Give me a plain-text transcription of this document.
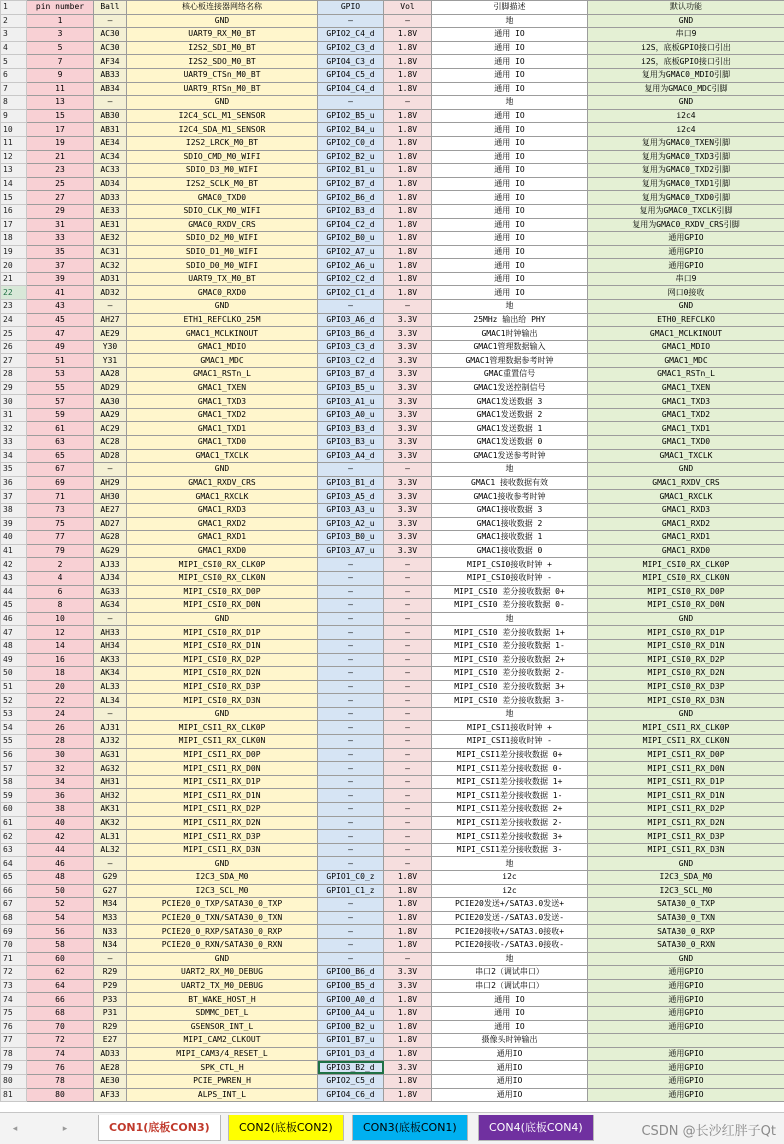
1	pin number	Ball	核心板连接器网络名称	GPIO	Vol	引脚描述	默认功能
2	1	—	GND	—	—	地	GND
3	3	AC30	UART9_RX_M0_BT	GPIO2_C4_d	1.8V	通用 IO	串口9
4	5	AC30	I2S2_SDI_M0_BT	GPIO2_C3_d	1.8V	通用 IO	i2S，底板GPIO接口引出
5	7	AF34	I2S2_SDO_M0_BT	GPIO4_C3_d	1.8V	通用 IO	i2S，底板GPIO接口引出
6	9	AB33	UART9_CTSn_M0_BT	GPIO4_C5_d	1.8V	通用 IO	复用为GMAC0_MDIO引脚
7	11	AB34	UART9_RTSn_M0_BT	GPIO4_C4_d	1.8V	通用 IO	复用为GMAC0_MDC引脚
8	13	—	GND	—	—	地	GND
9	15	AB30	I2C4_SCL_M1_SENSOR	GPIO2_B5_u	1.8V	通用 IO	i2c4
10	17	AB31	I2C4_SDA_M1_SENSOR	GPIO2_B4_u	1.8V	通用 IO	i2c4
11	19	AE34	I2S2_LRCK_M0_BT	GPIO2_C0_d	1.8V	通用 IO	复用为GMAC0_TXEN引脚
12	21	AC34	SDIO_CMD_M0_WIFI	GPIO2_B2_u	1.8V	通用 IO	复用为GMAC0_TXD3引脚
13	23	AC33	SDIO_D3_M0_WIFI	GPIO2_B1_u	1.8V	通用 IO	复用为GMAC0_TXD2引脚
14	25	AD34	I2S2_SCLK_M0_BT	GPIO2_B7_d	1.8V	通用 IO	复用为GMAC0_TXD1引脚
15	27	AD33	GMAC0_TXD0	GPIO2_B6_d	1.8V	通用 IO	复用为GMAC0_TXD0引脚
16	29	AE33	SDIO_CLK_M0_WIFI	GPIO2_B3_d	1.8V	通用 IO	复用为GMAC0_TXCLK引脚
17	31	AE31	GMAC0_RXDV_CRS	GPIO4_C2_d	1.8V	通用 IO	复用为GMAC0_RXDV_CRS引脚
18	33	AE32	SDIO_D2_M0_WIFI	GPIO2_B0_u	1.8V	通用 IO	通用GPIO
19	35	AC31	SDIO_D1_M0_WIFI	GPIO2_A7_u	1.8V	通用 IO	通用GPIO
20	37	AC32	SDIO_D0_M0_WIFI	GPIO2_A6_u	1.8V	通用 IO	通用GPIO
21	39	AD31	UART9_TX_M0_BT	GPIO2_C2_d	1.8V	通用 IO	串口9
22	41	AD32	GMAC0_RXD0	GPIO2_C1_d	1.8V	通用 IO	网口0接收
23	43	—	GND	—	—	地	GND
24	45	AH27	ETH1_REFCLKO_25M	GPIO3_A6_d	3.3V	25MHz 输出给 PHY	ETH0_REFCLKO
25	47	AE29	GMAC1_MCLKINOUT	GPIO3_B6_d	3.3V	GMAC1时钟输出	GMAC1_MCLKINOUT
26	49	Y30	GMAC1_MDIO	GPIO3_C3_d	3.3V	GMAC1管理数据输入	GMAC1_MDIO
27	51	Y31	GMAC1_MDC	GPIO3_C2_d	3.3V	GMAC1管理数据参考时钟	GMAC1_MDC
28	53	AA28	GMAC1_RSTn_L	GPIO3_B7_d	3.3V	GMAC重置信号	GMAC1_RSTn_L
29	55	AD29	GMAC1_TXEN	GPIO3_B5_u	3.3V	GMAC1发送控制信号	GMAC1_TXEN
30	57	AA30	GMAC1_TXD3	GPIO3_A1_u	3.3V	GMAC1发送数据 3	GMAC1_TXD3
31	59	AA29	GMAC1_TXD2	GPIO3_A0_u	3.3V	GMAC1发送数据 2	GMAC1_TXD2
32	61	AC29	GMAC1_TXD1	GPIO3_B3_d	3.3V	GMAC1发送数据 1	GMAC1_TXD1
33	63	AC28	GMAC1_TXD0	GPIO3_B3_u	3.3V	GMAC1发送数据 0	GMAC1_TXD0
34	65	AD28	GMAC1_TXCLK	GPIO3_A4_d	3.3V	GMAC1发送参考时钟	GMAC1_TXCLK
35	67	—	GND	—	—	地	GND
36	69	AH29	GMAC1_RXDV_CRS	GPIO3_B1_d	3.3V	GMAC1 接收数据有效	GMAC1_RXDV_CRS
37	71	AH30	GMAC1_RXCLK	GPIO3_A5_d	3.3V	GMAC1接收参考时钟	GMAC1_RXCLK
38	73	AE27	GMAC1_RXD3	GPIO3_A3_u	3.3V	GMAC1接收数据 3	GMAC1_RXD3
39	75	AD27	GMAC1_RXD2	GPIO3_A2_u	3.3V	GMAC1接收数据 2	GMAC1_RXD2
40	77	AG28	GMAC1_RXD1	GPIO3_B0_u	3.3V	GMAC1接收数据 1	GMAC1_RXD1
41	79	AG29	GMAC1_RXD0	GPIO3_A7_u	3.3V	GMAC1接收数据 0	GMAC1_RXD0
42	2	AJ33	MIPI_CSI0_RX_CLK0P	—	—	MIPI_CSI0接收时钟 +	MIPI_CSI0_RX_CLK0P
43	4	AJ34	MIPI_CSI0_RX_CLK0N	—	—	MIPI_CSI0接收时钟 -	MIPI_CSI0_RX_CLK0N
44	6	AG33	MIPI_CSI0_RX_D0P	—	—	MIPI_CSI0 差分接收数据 0+	MIPI_CSI0_RX_D0P
45	8	AG34	MIPI_CSI0_RX_D0N	—	—	MIPI_CSI0 差分接收数据 0-	MIPI_CSI0_RX_D0N
46	10	—	GND	—	—	地	GND
47	12	AH33	MIPI_CSI0_RX_D1P	—	—	MIPI_CSI0 差分接收数据 1+	MIPI_CSI0_RX_D1P
48	14	AH34	MIPI_CSI0_RX_D1N	—	—	MIPI_CSI0 差分接收数据 1-	MIPI_CSI0_RX_D1N
49	16	AK33	MIPI_CSI0_RX_D2P	—	—	MIPI_CSI0 差分接收数据 2+	MIPI_CSI0_RX_D2P
50	18	AK34	MIPI_CSI0_RX_D2N	—	—	MIPI_CSI0 差分接收数据 2-	MIPI_CSI0_RX_D2N
51	20	AL33	MIPI_CSI0_RX_D3P	—	—	MIPI_CSI0 差分接收数据 3+	MIPI_CSI0_RX_D3P
52	22	AL34	MIPI_CSI0_RX_D3N	—	—	MIPI_CSI0 差分接收数据 3-	MIPI_CSI0_RX_D3N
53	24	—	GND	—	—	地	GND
54	26	AJ31	MIPI_CSI1_RX_CLK0P	—	—	MIPI_CSI1接收时钟 +	MIPI_CSI1_RX_CLK0P
55	28	AJ32	MIPI_CSI1_RX_CLK0N	—	—	MIPI_CSI1接收时钟 -	MIPI_CSI1_RX_CLK0N
56	30	AG31	MIPI_CSI1_RX_D0P	—	—	MIPI_CSI1差分接收数据 0+	MIPI_CSI1_RX_D0P
57	32	AG32	MIPI_CSI1_RX_D0N	—	—	MIPI_CSI1差分接收数据 0-	MIPI_CSI1_RX_D0N
58	34	AH31	MIPI_CSI1_RX_D1P	—	—	MIPI_CSI1差分接收数据 1+	MIPI_CSI1_RX_D1P
59	36	AH32	MIPI_CSI1_RX_D1N	—	—	MIPI_CSI1差分接收数据 1-	MIPI_CSI1_RX_D1N
60	38	AK31	MIPI_CSI1_RX_D2P	—	—	MIPI_CSI1差分接收数据 2+	MIPI_CSI1_RX_D2P
61	40	AK32	MIPI_CSI1_RX_D2N	—	—	MIPI_CSI1差分接收数据 2-	MIPI_CSI1_RX_D2N
62	42	AL31	MIPI_CSI1_RX_D3P	—	—	MIPI_CSI1差分接收数据 3+	MIPI_CSI1_RX_D3P
63	44	AL32	MIPI_CSI1_RX_D3N	—	—	MIPI_CSI1差分接收数据 3-	MIPI_CSI1_RX_D3N
64	46	—	GND	—	—	地	GND
65	48	G29	I2C3_SDA_M0	GPIO1_C0_z	1.8V	i2c	I2C3_SDA_M0
66	50	G27	I2C3_SCL_M0	GPIO1_C1_z	1.8V	i2c	I2C3_SCL_M0
67	52	M34	PCIE20_0_TXP/SATA30_0_TXP	—	1.8V	PCIE20发送+/SATA3.0发送+	SATA30_0_TXP
68	54	M33	PCIE20_0_TXN/SATA30_0_TXN	—	1.8V	PCIE20发送-/SATA3.0发送-	SATA30_0_TXN
69	56	N33	PCIE20_0_RXP/SATA30_0_RXP	—	1.8V	PCIE20接收+/SATA3.0接收+	SATA30_0_RXP
70	58	N34	PCIE20_0_RXN/SATA30_0_RXN	—	1.8V	PCIE20接收-/SATA3.0接收-	SATA30_0_RXN
71	60	—	GND	—	—	地	GND
72	62	R29	UART2_RX_M0_DEBUG	GPIO0_B6_d	3.3V	串口2（调试串口）	通用GPIO
73	64	P29	UART2_TX_M0_DEBUG	GPIO0_B5_d	3.3V	串口2（调试串口）	通用GPIO
74	66	P33	BT_WAKE_HOST_H	GPIO0_A0_d	1.8V	通用 IO	通用GPIO
75	68	P31	SDMMC_DET_L	GPIO0_A4_u	1.8V	通用 IO	通用GPIO
76	70	R29	GSENSOR_INT_L	GPIO0_B2_u	1.8V	通用 IO	通用GPIO
77	72	E27	MIPI_CAM2_CLKOUT	GPIO1_B7_u	1.8V	摄像头时钟输出	
78	74	AD33	MIPI_CAM3/4_RESET_L	GPIO1_D3_d	1.8V	通用IO	通用GPIO
79	76	AE28	SPK_CTL_H	GPIO3_B2_d	3.3V	通用IO	通用GPIO
80	78	AE30	PCIE_PWREN_H	GPIO2_C5_d	1.8V	通用IO	通用GPIO
81	80	AF33	ALPS_INT_L	GPIO4_C6_d	1.8V	通用IO	通用GPIO
◂	▸	CON1(底板CON3)	CON2(底板CON2)	CON3(底板CON1)	CON4(底板CON4)	CSDN @长沙红胖子Qt
